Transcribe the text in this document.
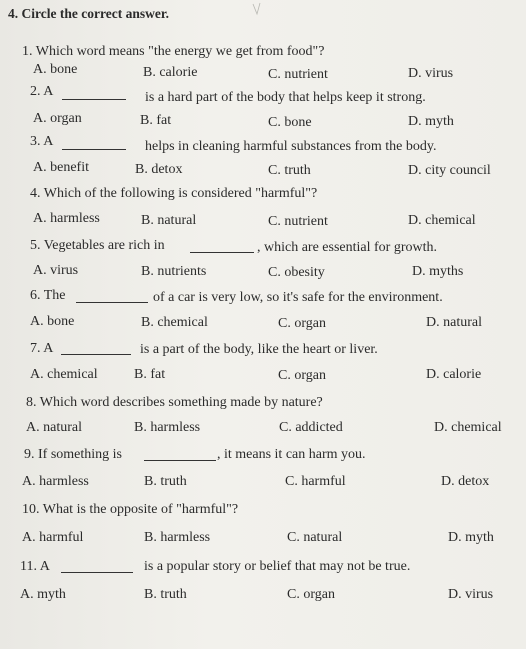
4. Circle the correct answer.
1. Which word means "the energy we get from food"?
A. bone	B. calorie	C. nutrient	D. virus
2. A	is a hard part of the body that helps keep it strong.
A. organ	B. fat	C. bone	D. myth
3. A	helps in cleaning harmful substances from the body.
A. benefit	B. detox	C. truth	D. city council
4. Which of the following is considered "harmful"?
A. harmless	B. natural	C. nutrient	D. chemical
5. Vegetables are rich in	, which are essential for growth.
A. virus	B. nutrients	C. obesity	D. myths
6. The	of a car is very low, so it's safe for the environment.
A. bone	B. chemical	C. organ	D. natural
7. A	is a part of the body, like the heart or liver.
A. chemical	B. fat	C. organ	D. calorie
8. Which word describes something made by nature?
A. natural	B. harmless	C. addicted	D. chemical
9. If something is	, it means it can harm you.
A. harmless	B. truth	C. harmful	D. detox
10. What is the opposite of "harmful"?
A. harmful	B. harmless	C. natural	D. myth
11. A	is a popular story or belief that may not be true.
A. myth	B. truth	C. organ	D. virus
